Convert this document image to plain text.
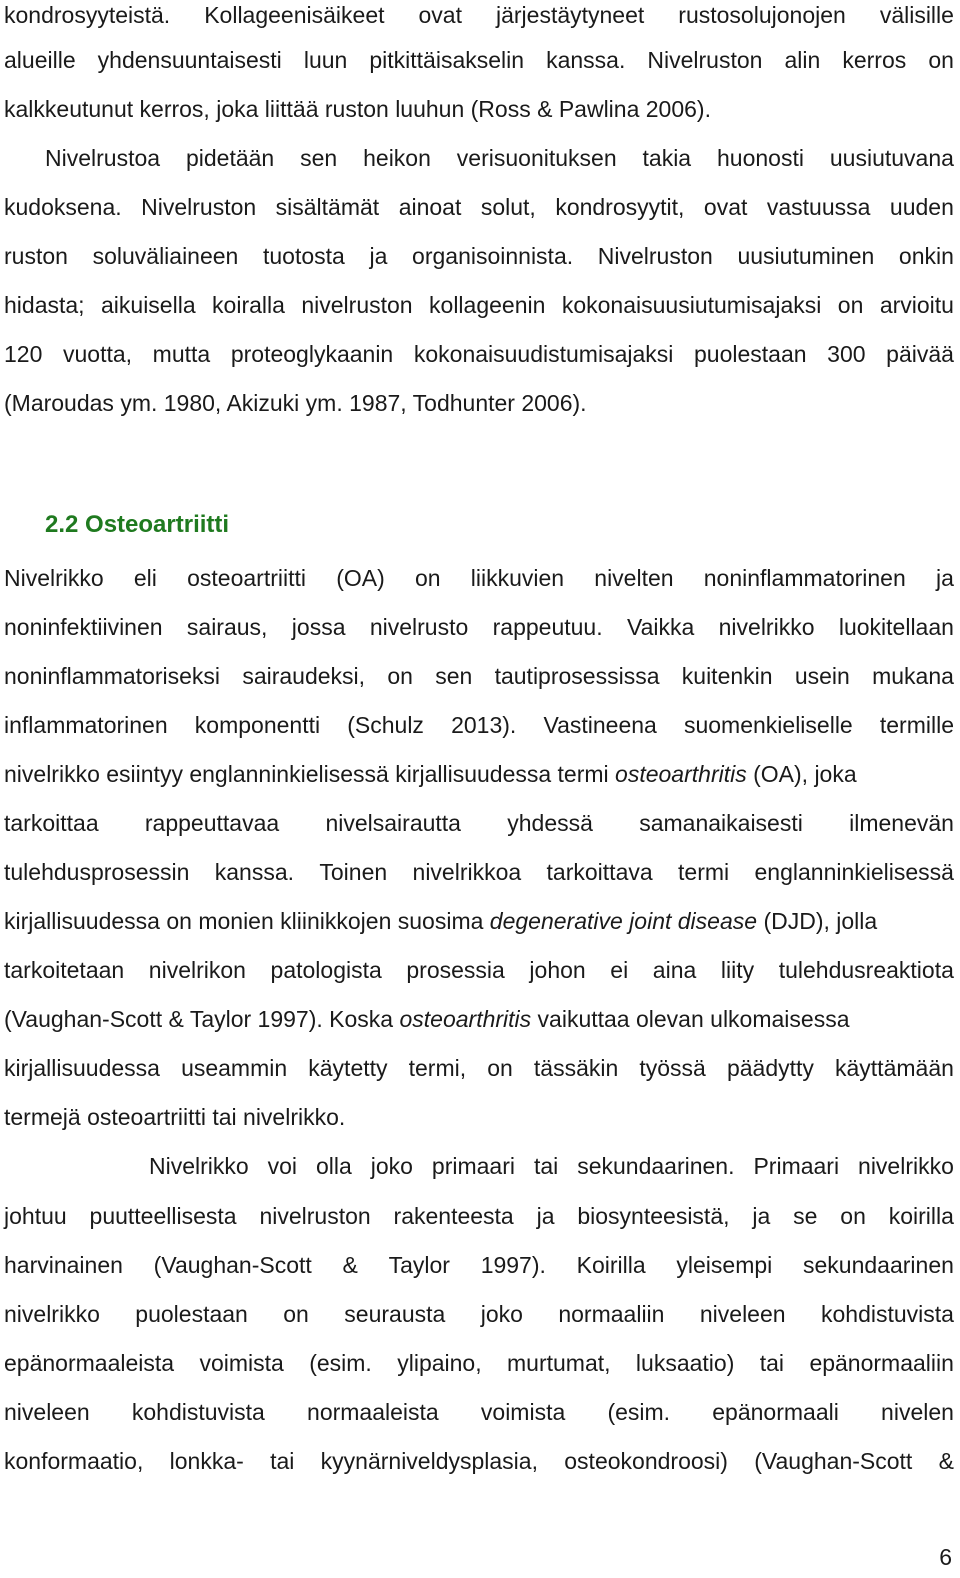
kondrosyyteistä. Kollageenisäikeet ovat järjestäytyneet rustosolujonojen välisille
alueille yhdensuuntaisesti luun pitkittäisakselin kanssa. Nivelruston alin kerros on
kalkkeutunut kerros, joka liittää ruston luuhun (Ross & Pawlina 2006).
Nivelrustoa pidetään sen heikon verisuonituksen takia huonosti uusiutuvana
kudoksena. Nivelruston sisältämät ainoat solut, kondrosyytit, ovat vastuussa uuden
ruston soluväliaineen tuotosta ja organisoinnista. Nivelruston uusiutuminen onkin
hidasta; aikuisella koiralla nivelruston kollageenin kokonaisuusiutumisajaksi on arvioitu
120 vuotta, mutta proteoglykaanin kokonaisuudistumisajaksi puolestaan 300 päivää
(Maroudas ym. 1980, Akizuki ym. 1987, Todhunter 2006).
2.2 Osteoartriitti
Nivelrikko eli osteoartriitti (OA) on liikkuvien nivelten noninflammatorinen ja
noninfektiivinen sairaus, jossa nivelrusto rappeutuu. Vaikka nivelrikko luokitellaan
noninflammatoriseksi sairaudeksi, on sen tautiprosessissa kuitenkin usein mukana
inflammatorinen komponentti (Schulz 2013). Vastineena suomenkieliselle termille
nivelrikko esiintyy englanninkielisessä kirjallisuudessa termi osteoarthritis (OA), joka
tarkoittaa rappeuttavaa nivelsairautta yhdessä samanaikaisesti ilmenevän
tulehdusprosessin kanssa. Toinen nivelrikkoa tarkoittava termi englanninkielisessä
kirjallisuudessa on monien kliinikkojen suosima degenerative joint disease (DJD), jolla
tarkoitetaan nivelrikon patologista prosessia johon ei aina liity tulehdusreaktiota
(Vaughan-Scott & Taylor 1997). Koska osteoarthritis vaikuttaa olevan ulkomaisessa
kirjallisuudessa useammin käytetty termi, on tässäkin työssä päädytty käyttämään
termejä osteoartriitti tai nivelrikko.
Nivelrikko voi olla joko primaari tai sekundaarinen. Primaari nivelrikko
johtuu puutteellisesta nivelruston rakenteesta ja biosynteesistä, ja se on koirilla
harvinainen (Vaughan-Scott & Taylor 1997). Koirilla yleisempi sekundaarinen
nivelrikko puolestaan on seurausta joko normaaliin niveleen kohdistuvista
epänormaaleista voimista (esim. ylipaino, murtumat, luksaatio) tai epänormaaliin
niveleen kohdistuvista normaaleista voimista (esim. epänormaali nivelen
konformaatio, lonkka- tai kyynärniveldysplasia, osteokondroosi) (Vaughan-Scott &
6
